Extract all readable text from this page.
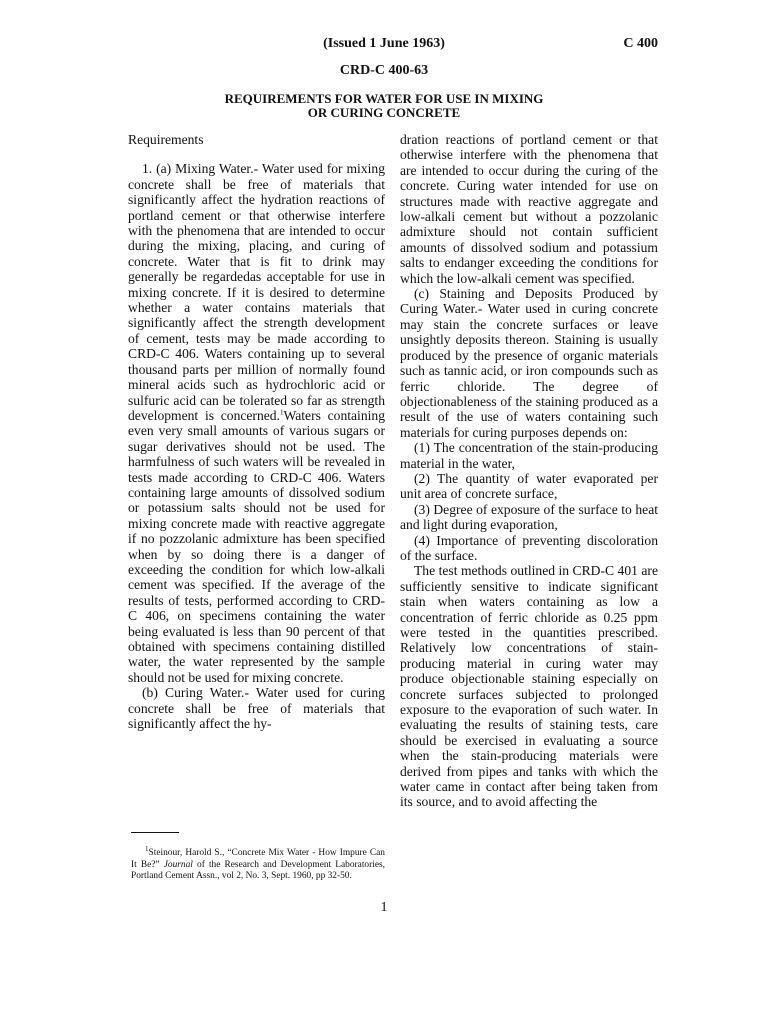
(Issued 1 June 1963)	C 400
CRD-C 400-63
REQUIREMENTS FOR WATER FOR USE IN MIXING
OR CURING CONCRETE

Requirements

1. (a) Mixing Water.- Water used for mixing concrete shall be free of materials that significantly affect the hydration reactions of portland cement or that otherwise interfere with the phenomena that are intended to occur during the mixing, placing, and curing of concrete. Water that is fit to drink may generally be regardedas acceptable for use in mixing concrete. If it is desired to determine whether a water contains materials that significantly affect the strength development of cement, tests may be made according to CRD-C 406. Waters containing up to several thousand parts per million of normally found mineral acids such as hydrochloric acid or sulfuric acid can be tolerated so far as strength development is concerned.$^1$Waters containing even very small amounts of various sugars or sugar derivatives should not be used. The harmfulness of such waters will be revealed in tests made according to CRD-C 406. Waters containing large amounts of dissolved sodium or potassium salts should not be used for mixing concrete made with reactive aggregate if no pozzolanic admixture has been specified when by so doing there is a danger of exceeding the condition for which low-alkali cement was specified. If the average of the results of tests, performed according to CRD-C 406, on specimens containing the water being evaluated is less than 90 percent of that obtained with specimens containing distilled water, the water represented by the sample should not be used for mixing concrete.

(b) Curing Water.- Water used for curing concrete shall be free of materials that significantly affect the hy-

dration reactions of portland cement or that otherwise interfere with the phenomena that are intended to occur during the curing of the concrete. Curing water intended for use on structures made with reactive aggregate and low-alkali cement but without a pozzolanic admixture should not contain sufficient amounts of dissolved sodium and potassium salts to endanger exceeding the conditions for which the low-alkali cement was specified.

(c) Staining and Deposits Produced by Curing Water.- Water used in curing concrete may stain the concrete surfaces or leave unsightly deposits thereon. Staining is usually produced by the presence of organic materials such as tannic acid, or iron compounds such as ferric chloride. The degree of objectionableness of the staining produced as a result of the use of waters containing such materials for curing purposes depends on:

(1) The concentration of the stain-producing material in the water,

(2) The quantity of water evaporated per unit area of concrete surface,

(3) Degree of exposure of the surface to heat and light during evaporation,

(4) Importance of preventing discoloration of the surface.

The test methods outlined in CRD-C 401 are sufficiently sensitive to indicate significant stain when waters containing as low a concentration of ferric chloride as 0.25 ppm were tested in the quantities prescribed. Relatively low concentrations of stain-producing material in curing water may produce objectionable staining especially on concrete surfaces subjected to prolonged exposure to the evaporation of such water. In evaluating the results of staining tests, care should be exercised in evaluating a source when the stain-producing materials were derived from pipes and tanks with which the water came in contact after being taken from its source, and to avoid affecting the

$^1$Steinour, Harold S., “Concrete Mix Water - How Impure Can It Be?” Journal of the Research and Development Laboratories, Portland Cement Assn., vol 2, No. 3, Sept. 1960, pp 32-50.
1
